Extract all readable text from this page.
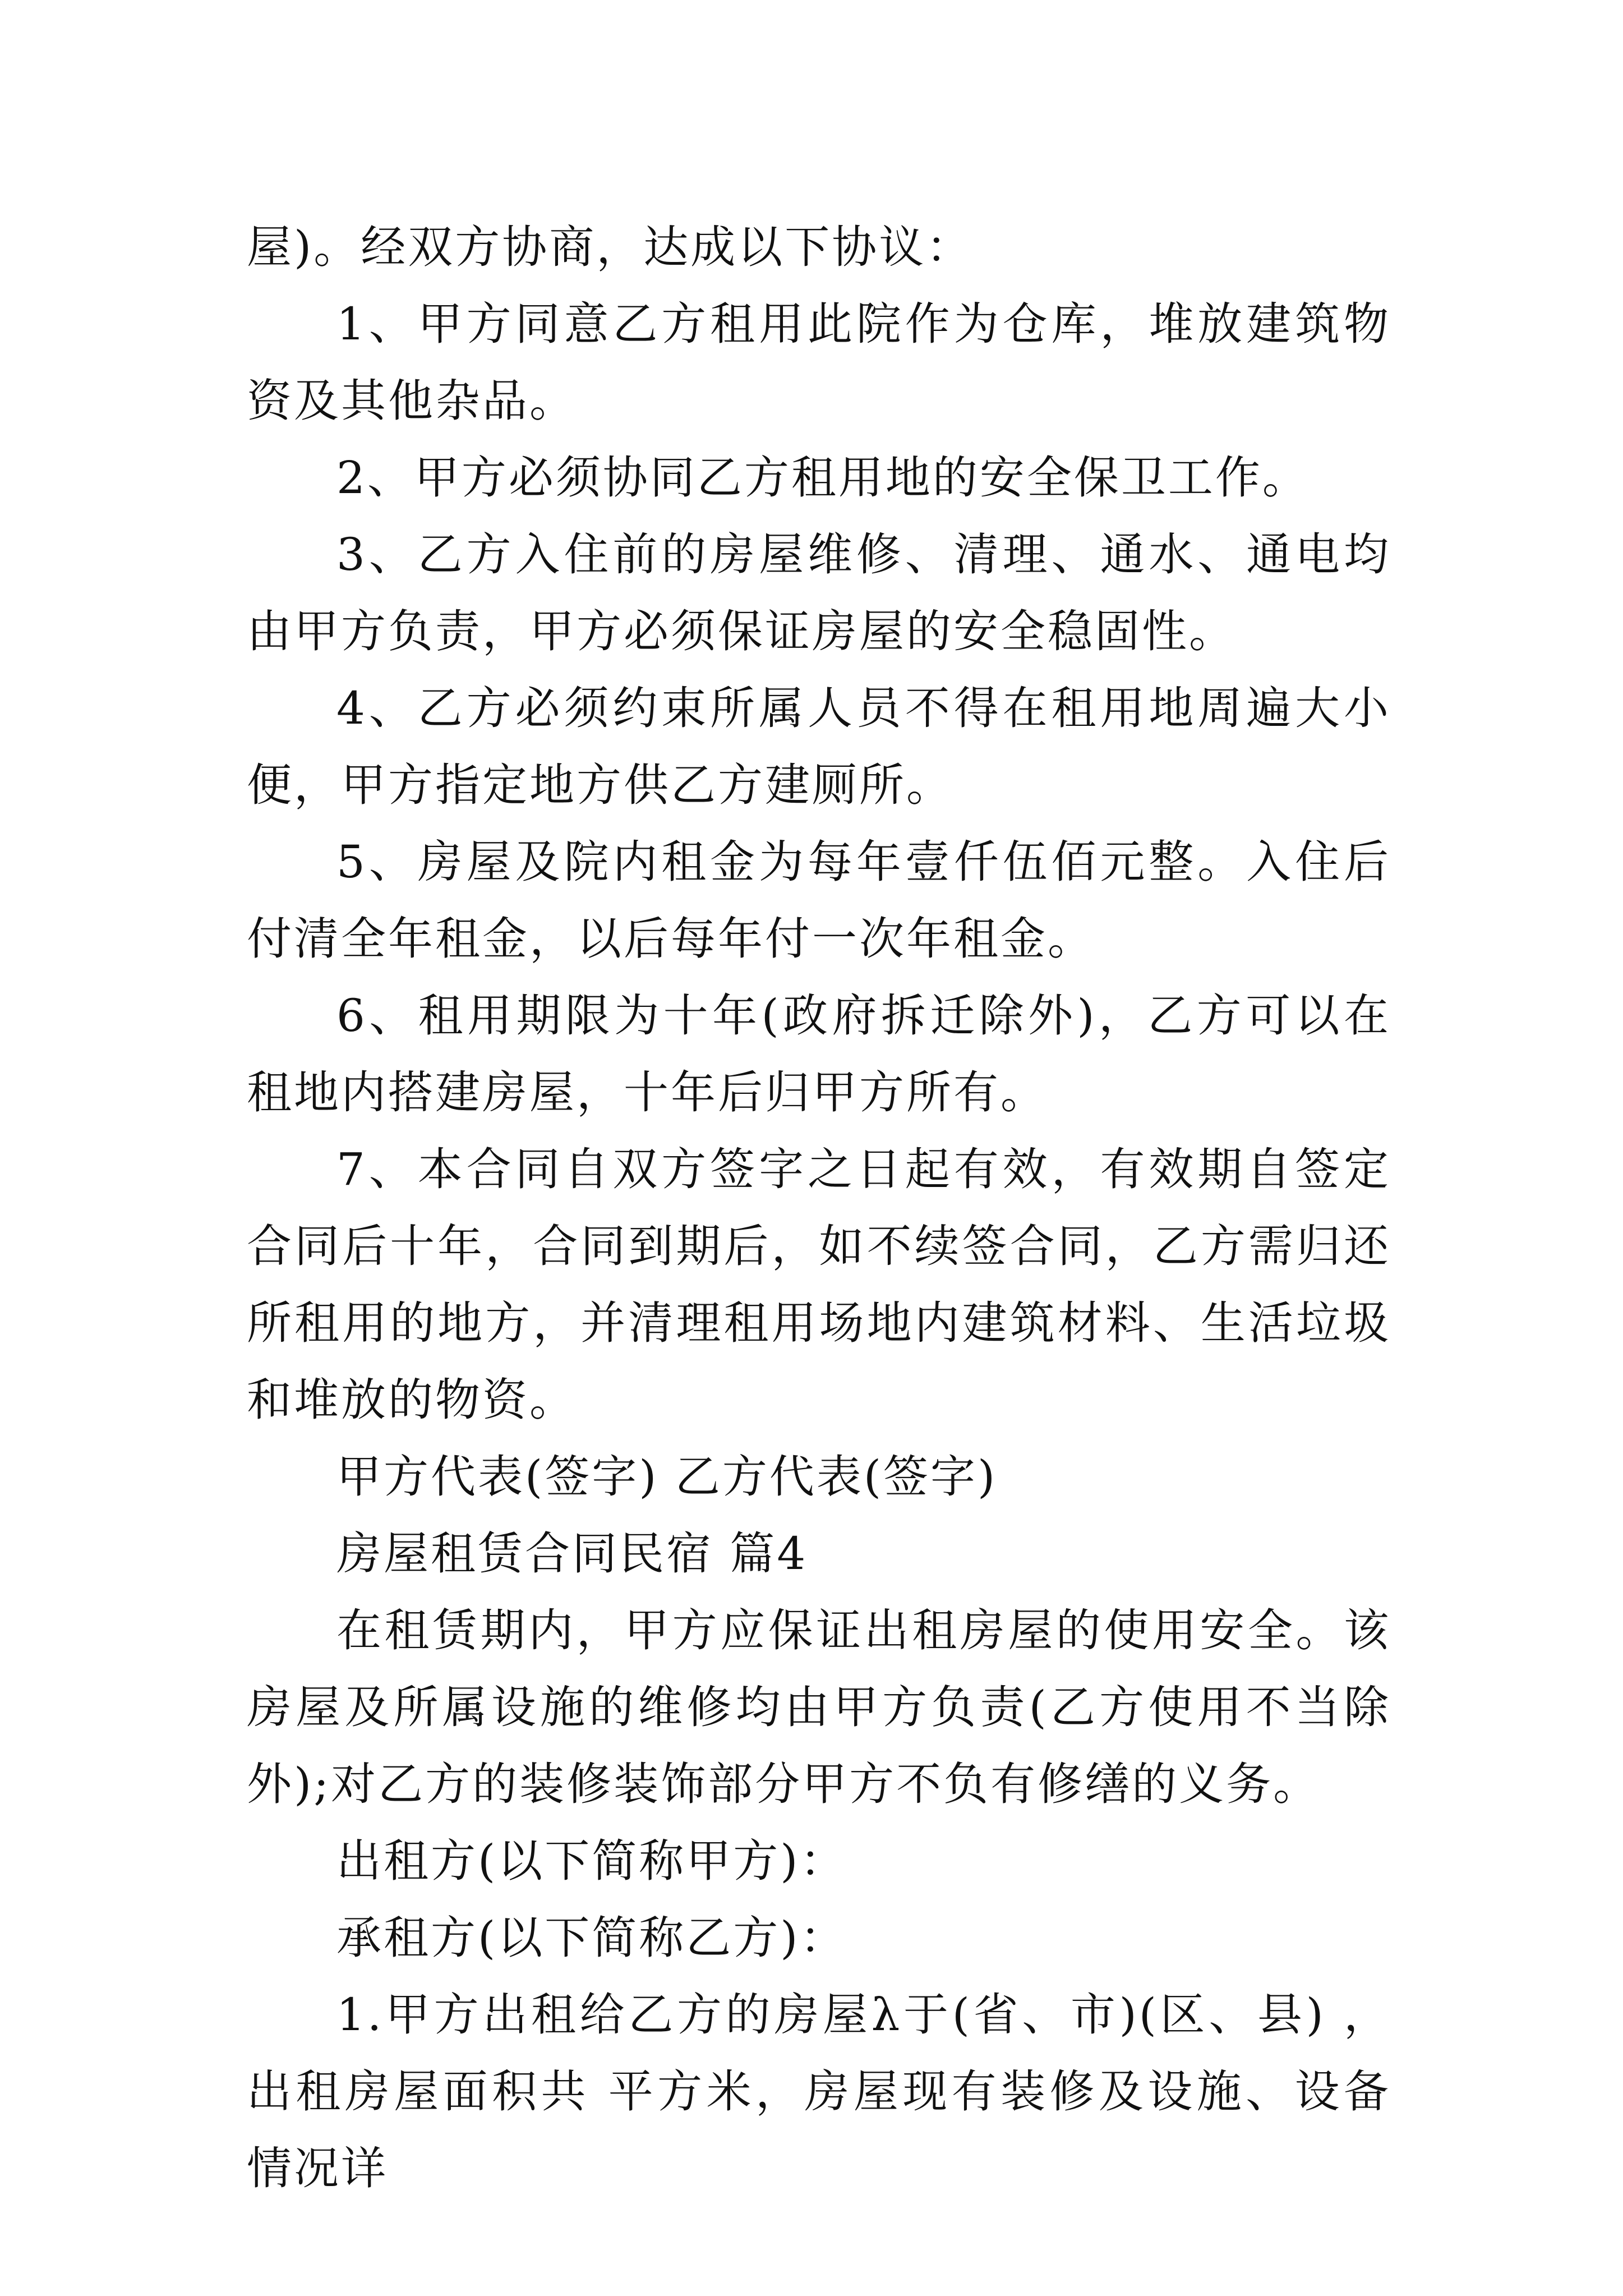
屋)。经双方协商，达成以下协议：

1、甲方同意乙方租用此院作为仓库，堆放建筑物资及其他杂品。

2、甲方必须协同乙方租用地的安全保卫工作。

3、乙方入住前的房屋维修、清理、通水、通电均由甲方负责，甲方必须保证房屋的安全稳固性。

4、乙方必须约束所属人员不得在租用地周遍大小便，甲方指定地方供乙方建厕所。

5、房屋及院内租金为每年壹仟伍佰元整。入住后付清全年租金，以后每年付一次年租金。

6、租用期限为十年(政府拆迁除外)，乙方可以在租地内搭建房屋，十年后归甲方所有。

7、本合同自双方签字之日起有效，有效期自签定合同后十年，合同到期后，如不续签合同，乙方需归还所租用的地方，并清理租用场地内建筑材料、生活垃圾和堆放的物资。

甲方代表(签字) 乙方代表(签字)

房屋租赁合同民宿 篇4

在租赁期内，甲方应保证出租房屋的使用安全。该房屋及所属设施的维修均由甲方负责(乙方使用不当除外);对乙方的装修装饰部分甲方不负有修缮的义务。

出租方(以下简称甲方)：

承租方(以下简称乙方)：

1.甲方出租给乙方的房屋λ于(省、市)(区、县) ，出租房屋面积共 平方米，房屋现有装修及设施、设备情况详
